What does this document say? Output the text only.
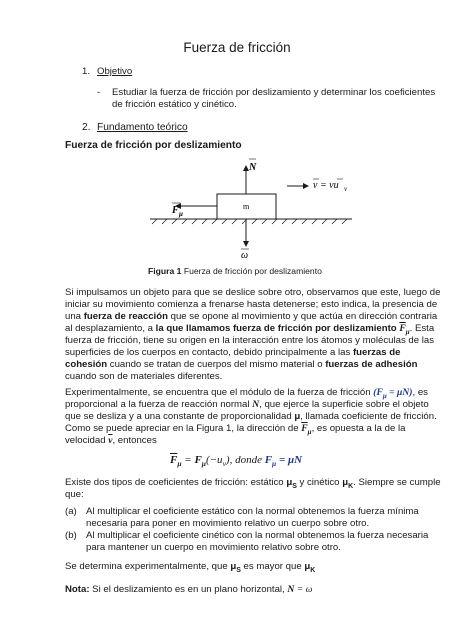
Fuerza de fricción
1. Objetivo
- Estudiar la fuerza de fricción por deslizamiento y determinar los coeficientes
de fricción estático y cinético.
2. Fundamento teórico
Fuerza de fricción por deslizamiento
m
N
ω
F μ
v = vu v
Figura 1 Fuerza de fricción por deslizamiento
Si impulsamos un objeto para que se deslice sobre otro, observamos que este, luego de
iniciar su movimiento comienza a frenarse hasta detenerse; esto indica, la presencia de
una fuerza de reacción que se opone al movimiento y que actúa en dirección contraria
al desplazamiento, a la que llamamos fuerza de fricción por deslizamiento $\overline{F}_\mu$. Esta
fuerza de fricción, tiene su origen en la interacción entre los átomos y moléculas de las
superficies de los cuerpos en contacto, debido principalmente a las fuerzas de
cohesión cuando se tratan de cuerpos del mismo material o fuerzas de adhesión
cuando son de materiales diferentes.
Experimentalmente, se encuentra que el módulo de la fuerza de fricción $(F_\mu = \mu N)$, es
proporcional a la fuerza de reacción normal N, que ejerce la superficie sobre el objeto
que se desliza y a una constante de proporcionalidad μ, llamada coeficiente de fricción.
Como se puede apreciar en la Figura 1, la dirección de $\overline{F}_\mu$, es opuesta a la de la
velocidad $\overline{v}$, entonces
$\overline{F}_\mu = F_\mu(-u_v)$, donde $F_\mu = \mu N$
Existe dos tipos de coeficientes de fricción: estático $\mu_S$ y cinético $\mu_K$. Siempre se cumple
que:
(a) Al multiplicar el coeficiente estático con la normal obtenemos la fuerza mínima
necesaria para poner en movimiento relativo un cuerpo sobre otro.
(b) Al multiplicar el coeficiente cinético con la normal obtenemos la fuerza necesaria
para mantener un cuerpo en movimiento relativo sobre otro.
Se determina experimentalmente, que $\mu_S$ es mayor que $\mu_K$
Nota: Si el deslizamiento es en un plano horizontal, N = ω
